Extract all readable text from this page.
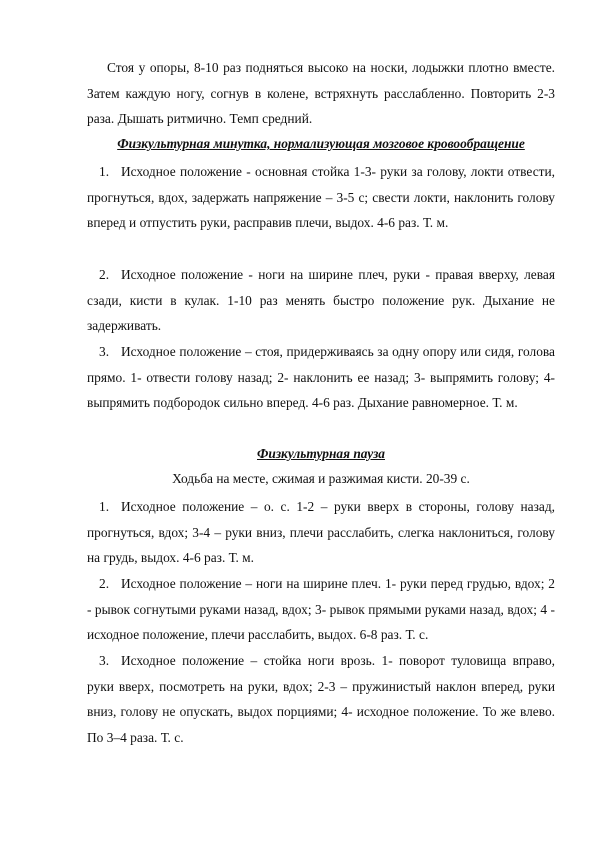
Стоя у опоры, 8-10 раз подняться высоко на носки, лодыжки плотно вместе. Затем каждую ногу, согнув в колене, встряхнуть расслабленно. Повторить 2-3 раза. Дышать ритмично. Темп средний.

Физкультурная минутка, нормализующая мозговое кровообращение

1. Исходное положение - основная стойка 1-3- руки за голову, локти отвести, прогнуться, вдох, задержать напряжение – 3-5 с; свести локти, наклонить голову вперед и отпустить руки, расправив плечи, выдох. 4-6 раз. Т. м.

2. Исходное положение - ноги на ширине плеч, руки - правая вверху, левая сзади, кисти в кулак. 1-10 раз менять быстро положение рук. Дыхание не задерживать.

3. Исходное положение – стоя, придерживаясь за одну опору или сидя, голова прямо. 1- отвести голову назад; 2- наклонить ее назад; 3- выпрямить голову; 4- выпрямить подбородок сильно вперед. 4-6 раз. Дыхание равномерное. Т. м.

Физкультурная пауза

Ходьба на месте, сжимая и разжимая кисти. 20-39 с.

1. Исходное положение – о. с. 1-2 – руки вверх в стороны, голову назад, прогнуться, вдох; 3-4 – руки вниз, плечи расслабить, слегка наклониться, голову на грудь, выдох. 4-6 раз. Т. м.

2. Исходное положение – ноги на ширине плеч. 1- руки перед грудью, вдох; 2 - рывок согнутыми руками назад, вдох; 3- рывок прямыми руками назад, вдох; 4 - исходное положение, плечи расслабить, выдох. 6-8 раз. Т. с.

3. Исходное положение – стойка ноги врозь. 1- поворот туловища вправо, руки вверх, посмотреть на руки, вдох; 2-3 – пружинистый наклон вперед, руки вниз, голову не опускать, выдох порциями; 4- исходное положение. То же влево. По 3–4 раза. Т. с.
